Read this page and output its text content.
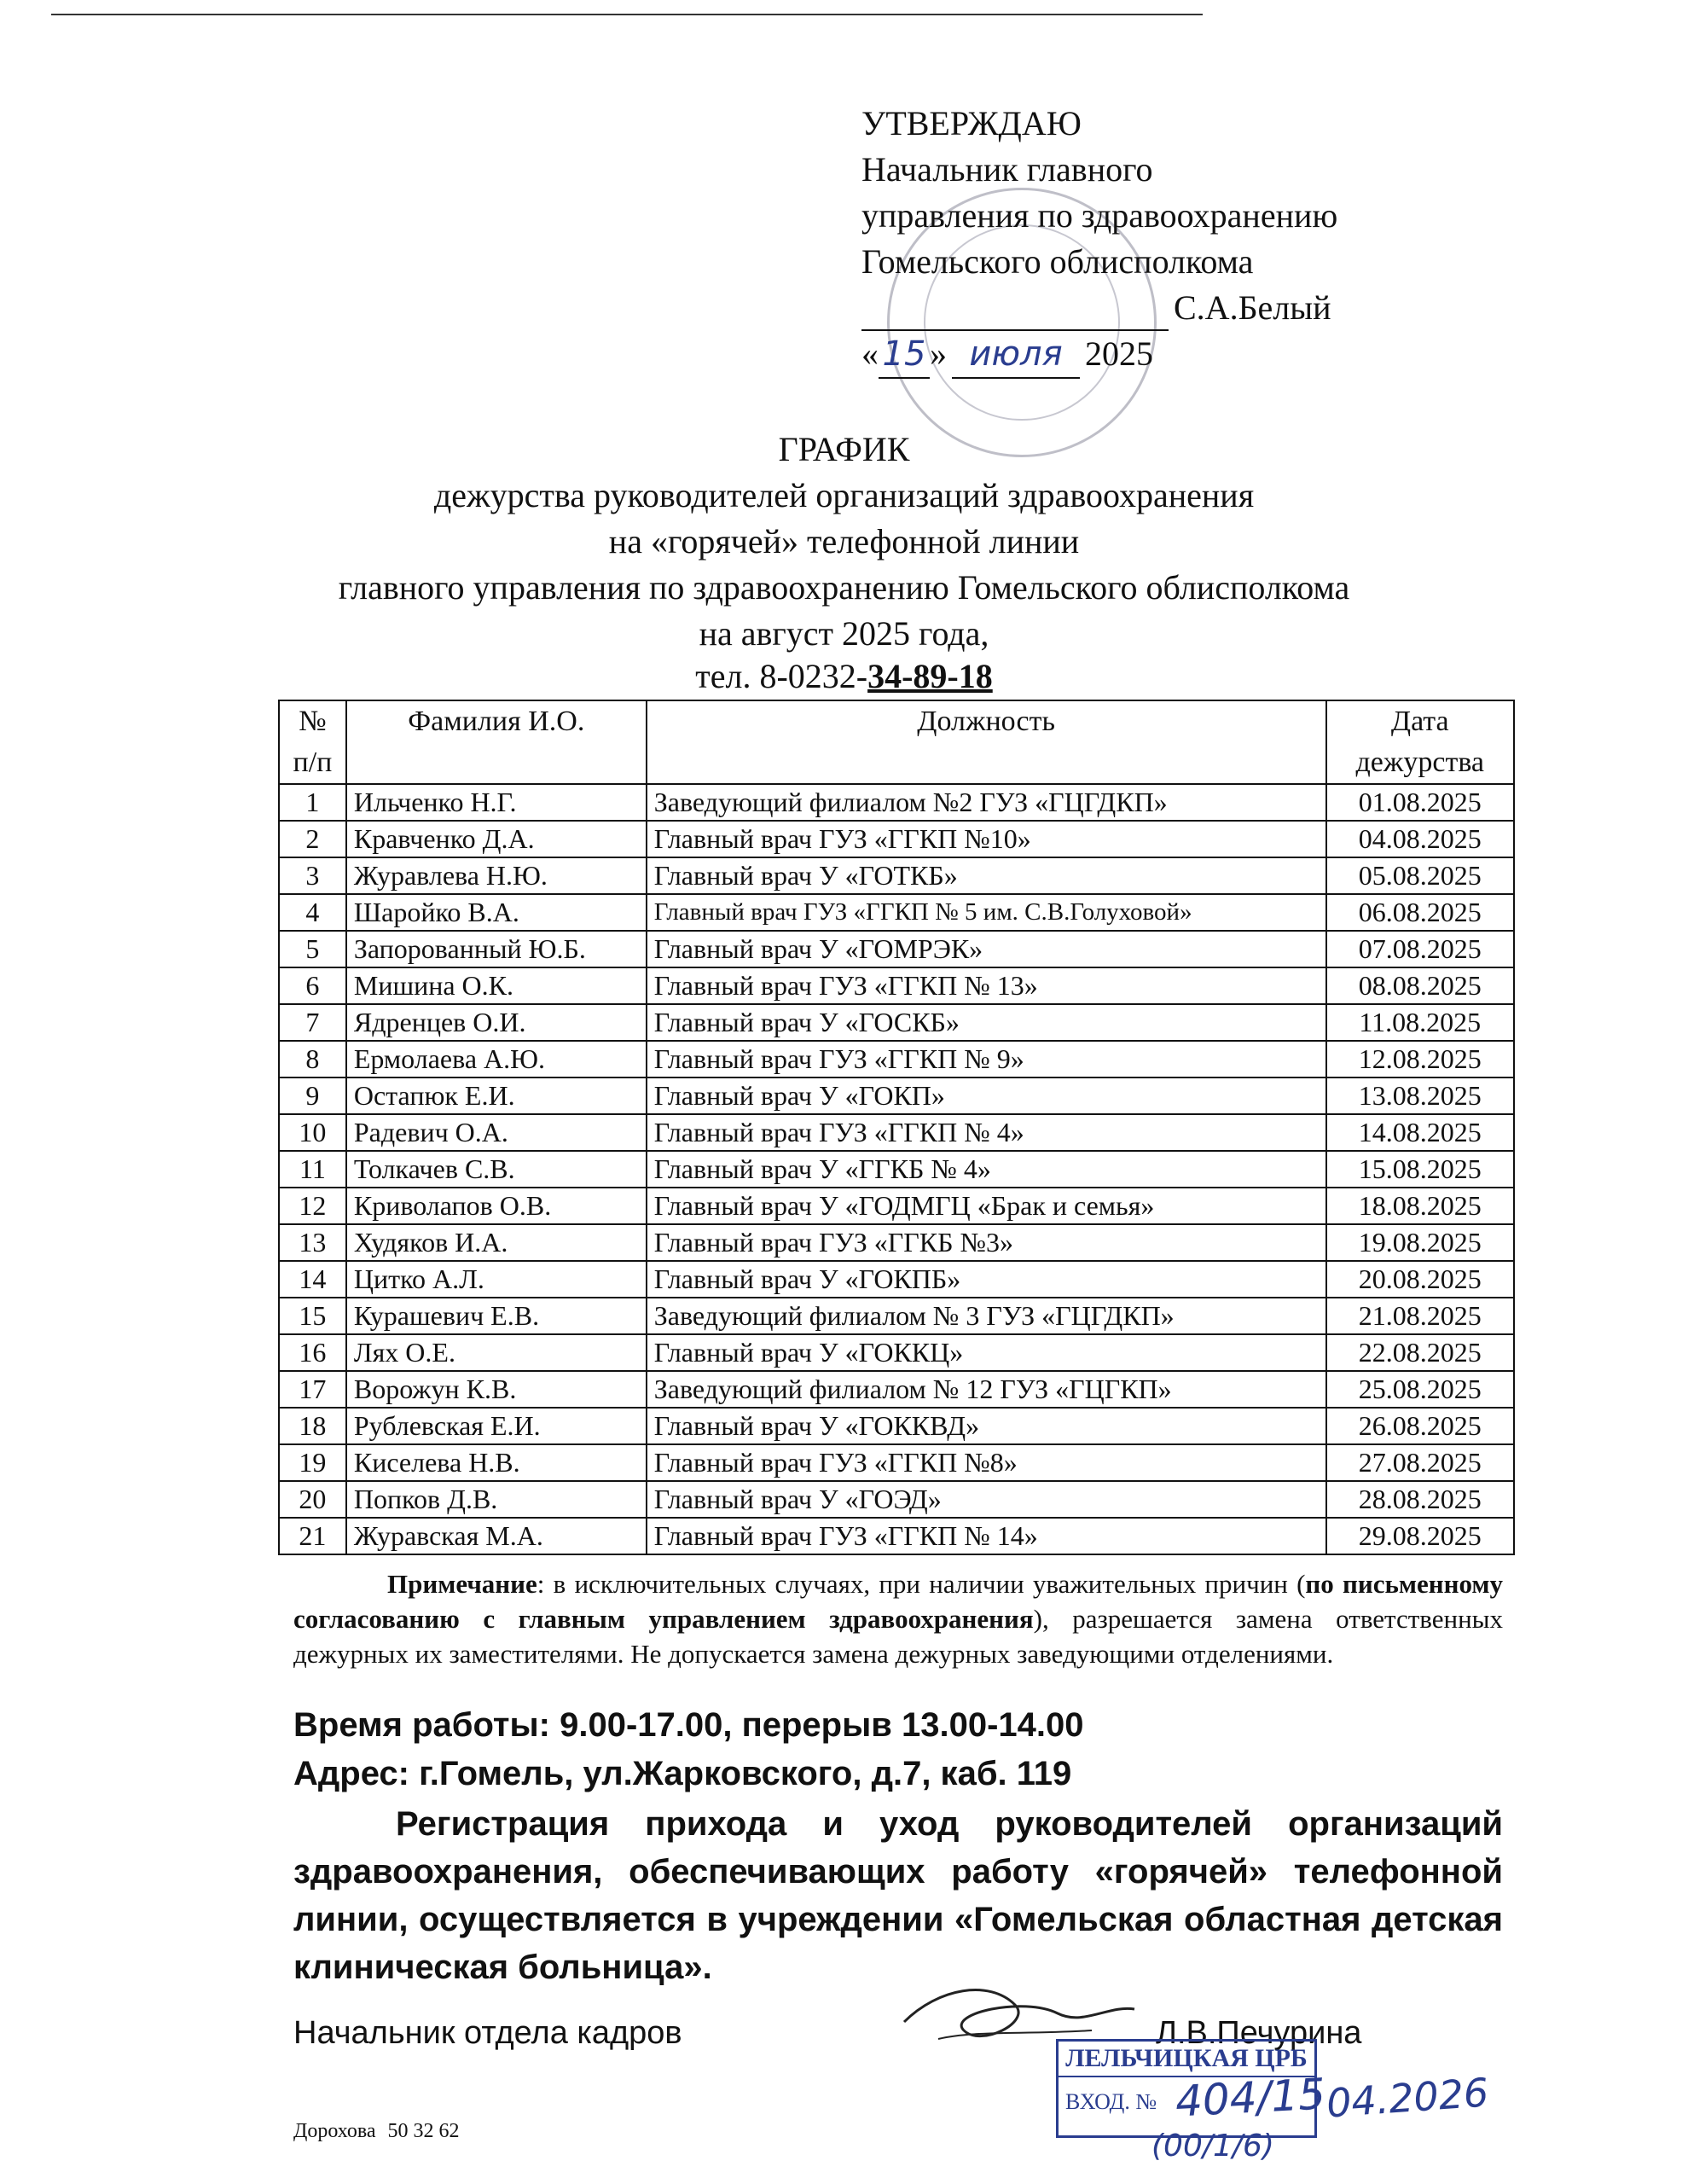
УТВЕРЖДАЮ
Начальник главного
управления по здравоохранению
Гомельского облисполкома
С.А.Белый
« 15 » июля 2025
ГРАФИК
дежурства руководителей организаций здравоохранения
на «горячей» телефонной линии
главного управления по здравоохранению Гомельского облисполкома
на август 2025 года,
тел. 8-0232-34-89-18
№ п/п	Фамилия И.О.	Должность	Дата дежурства
1	Ильченко Н.Г.	Заведующий филиалом №2 ГУЗ «ГЦГДКП»	01.08.2025
2	Кравченко Д.А.	Главный врач ГУЗ «ГГКП №10»	04.08.2025
3	Журавлева Н.Ю.	Главный врач У «ГОТКБ»	05.08.2025
4	Шаройко В.А.	Главный врач ГУЗ «ГГКП № 5 им. С.В.Голуховой»	06.08.2025
5	Запорованный Ю.Б.	Главный врач У «ГОМРЭК»	07.08.2025
6	Мишина О.К.	Главный врач ГУЗ «ГГКП № 13»	08.08.2025
7	Ядренцев О.И.	Главный врач У «ГОСКБ»	11.08.2025
8	Ермолаева А.Ю.	Главный врач ГУЗ «ГГКП № 9»	12.08.2025
9	Остапюк Е.И.	Главный врач У «ГОКП»	13.08.2025
10	Радевич О.А.	Главный врач ГУЗ «ГГКП № 4»	14.08.2025
11	Толкачев С.В.	Главный врач У «ГГКБ № 4»	15.08.2025
12	Криволапов О.В.	Главный врач У «ГОДМГЦ «Брак и семья»	18.08.2025
13	Худяков И.А.	Главный врач ГУЗ «ГГКБ №3»	19.08.2025
14	Цитко А.Л.	Главный врач У «ГОКПБ»	20.08.2025
15	Курашевич Е.В.	Заведующий филиалом № 3 ГУЗ «ГЦГДКП»	21.08.2025
16	Лях О.Е.	Главный врач У «ГОККЦ»	22.08.2025
17	Ворожун К.В.	Заведующий филиалом № 12 ГУЗ «ГЦГКП»	25.08.2025
18	Рублевская Е.И.	Главный врач У «ГОККВД»	26.08.2025
19	Киселева Н.В.	Главный врач ГУЗ «ГГКП №8»	27.08.2025
20	Попков Д.В.	Главный врач У «ГОЭД»	28.08.2025
21	Журавская М.А.	Главный врач ГУЗ «ГГКП № 14»	29.08.2025
Примечание: в исключительных случаях, при наличии уважительных причин (по письменному согласованию с главным управлением здравоохранения), разрешается замена ответственных дежурных их заместителями. Не допускается замена дежурных заведующими отделениями.
Время работы: 9.00-17.00, перерыв 13.00-14.00
Адрес: г.Гомель, ул.Жарковского, д.7, каб. 119
Регистрация прихода и уход руководителей организаций здравоохранения, обеспечивающих работу «горячей» телефонной линии, осуществляется в учреждении «Гомельская областная детская клиническая больница».
Начальник отдела кадров	Л.В.Печурина
ЛЕЛЬЧИЦКАЯ ЦРБ
ВХОД. № 404/15
04.2026
(00/1/6)
Дорохова 50 32 62
